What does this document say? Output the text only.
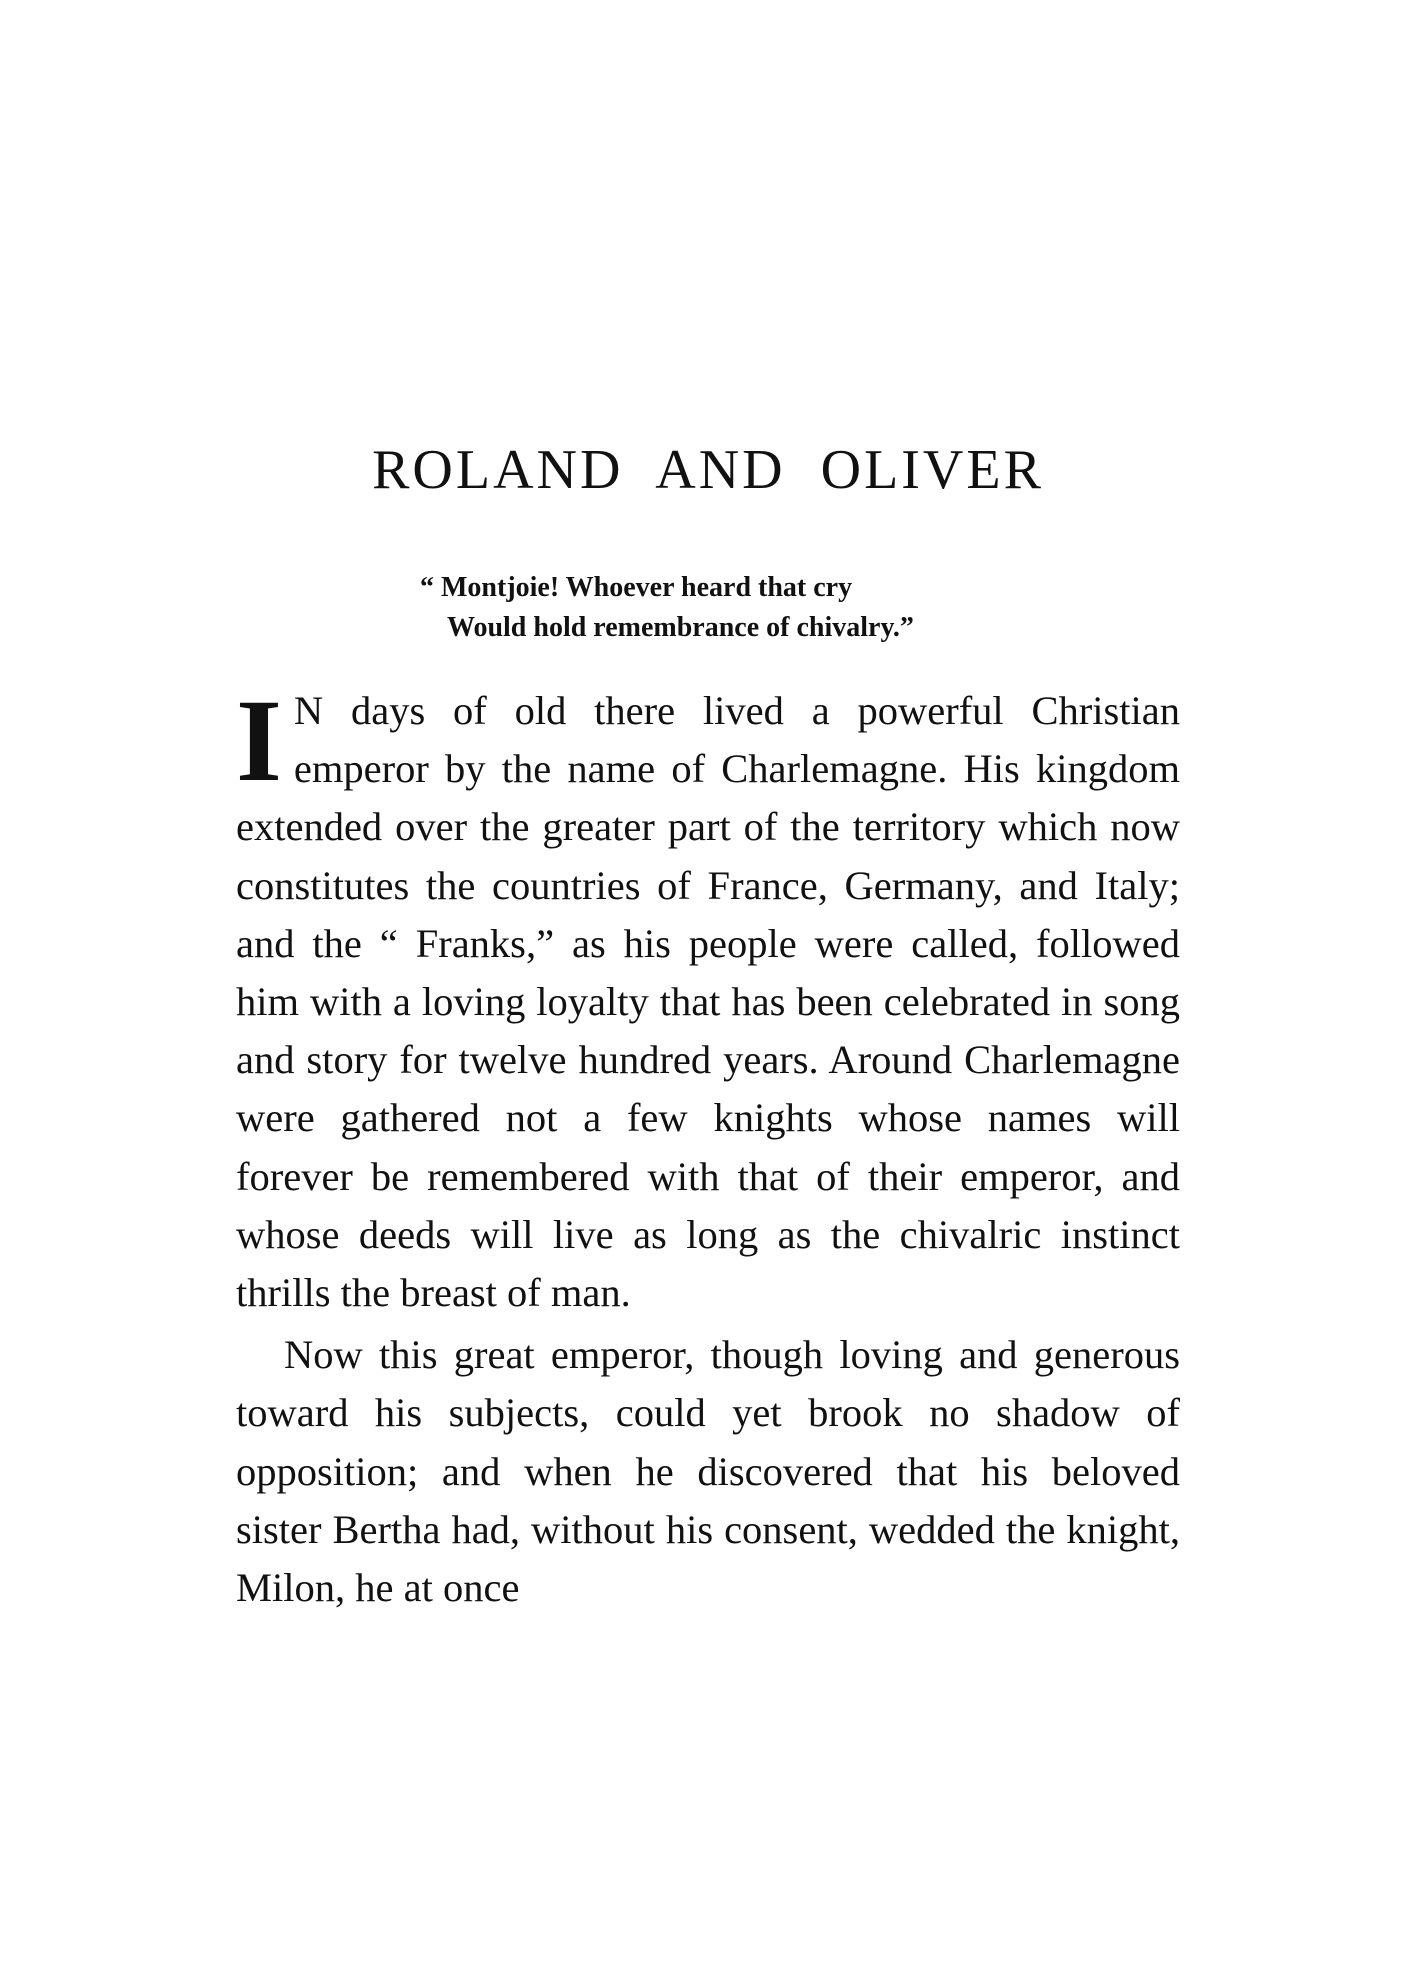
ROLAND AND OLIVER
“ Montjoie! Whoever heard that cry
Would hold remembrance of chivalry.”

I N days of old there lived a powerful Christian emperor by the name of Charlemagne. His kingdom extended over the greater part of the territory which now constitutes the countries of France, Germany, and Italy; and the “ Franks,” as his people were called, followed him with a loving loyalty that has been celebrated in song and story for twelve hundred years. Around Charlemagne were gathered not a few knights whose names will forever be remembered with that of their emperor, and whose deeds will live as long as the chivalric instinct thrills the breast of man.

Now this great emperor, though loving and generous toward his subjects, could yet brook no shadow of opposition; and when he discovered that his beloved sister Bertha had, without his consent, wedded the knight, Milon, he at once
